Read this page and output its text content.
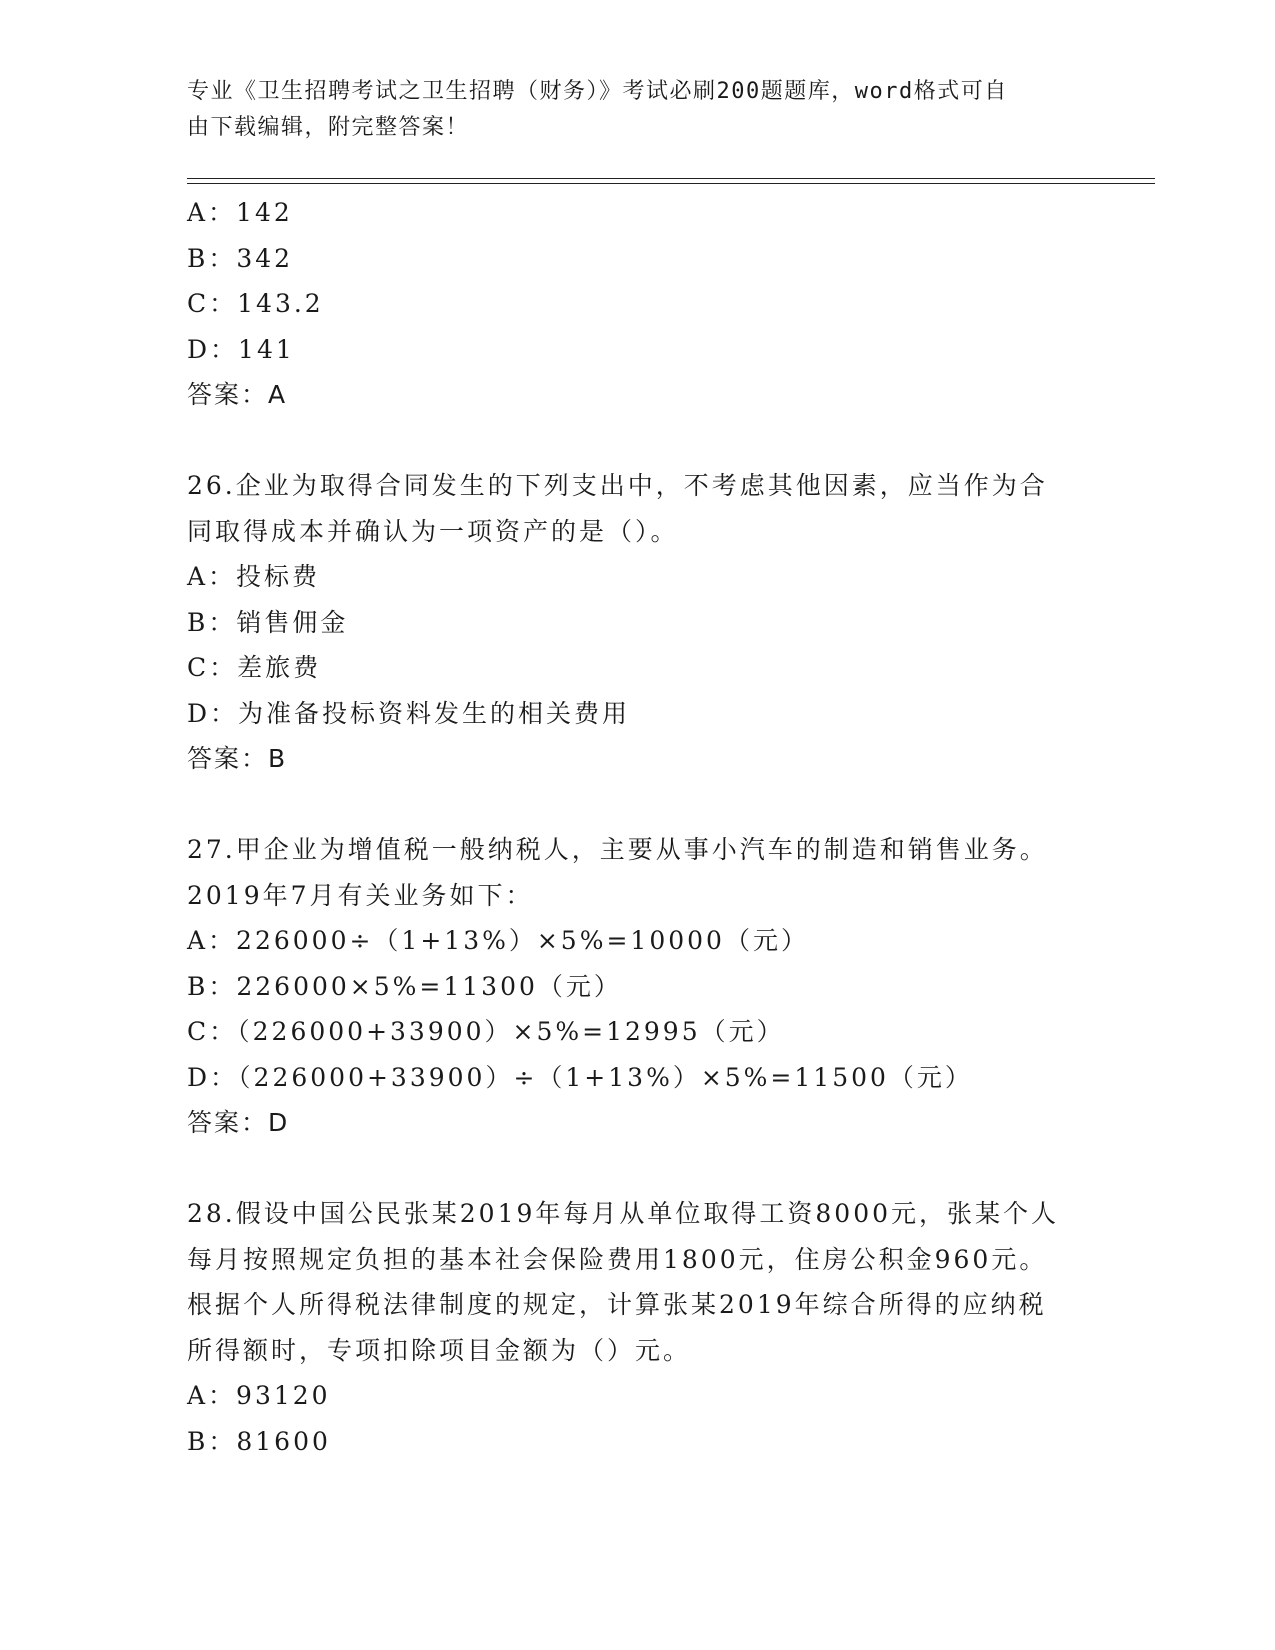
专业《卫生招聘考试之卫生招聘（财务）》考试必刷200题题库，word格式可自
由下载编辑，附完整答案！
A：142
B：342
C：143.2
D：141
答案：A
26.企业为取得合同发生的下列支出中，不考虑其他因素，应当作为合
同取得成本并确认为一项资产的是（）。
A：投标费
B：销售佣金
C：差旅费
D：为准备投标资料发生的相关费用
答案：B
27.甲企业为增值税一般纳税人，主要从事小汽车的制造和销售业务。
2019年7月有关业务如下：
A：226000÷（1+13%）×5%=10000（元）
B：226000×5%=11300（元）
C：（226000+33900）×5%=12995（元）
D：（226000+33900）÷（1+13%）×5%=11500（元）
答案：D
28.假设中国公民张某2019年每月从单位取得工资8000元，张某个人
每月按照规定负担的基本社会保险费用1800元，住房公积金960元。
根据个人所得税法律制度的规定，计算张某2019年综合所得的应纳税
所得额时，专项扣除项目金额为（）元。
A：93120
B：81600
